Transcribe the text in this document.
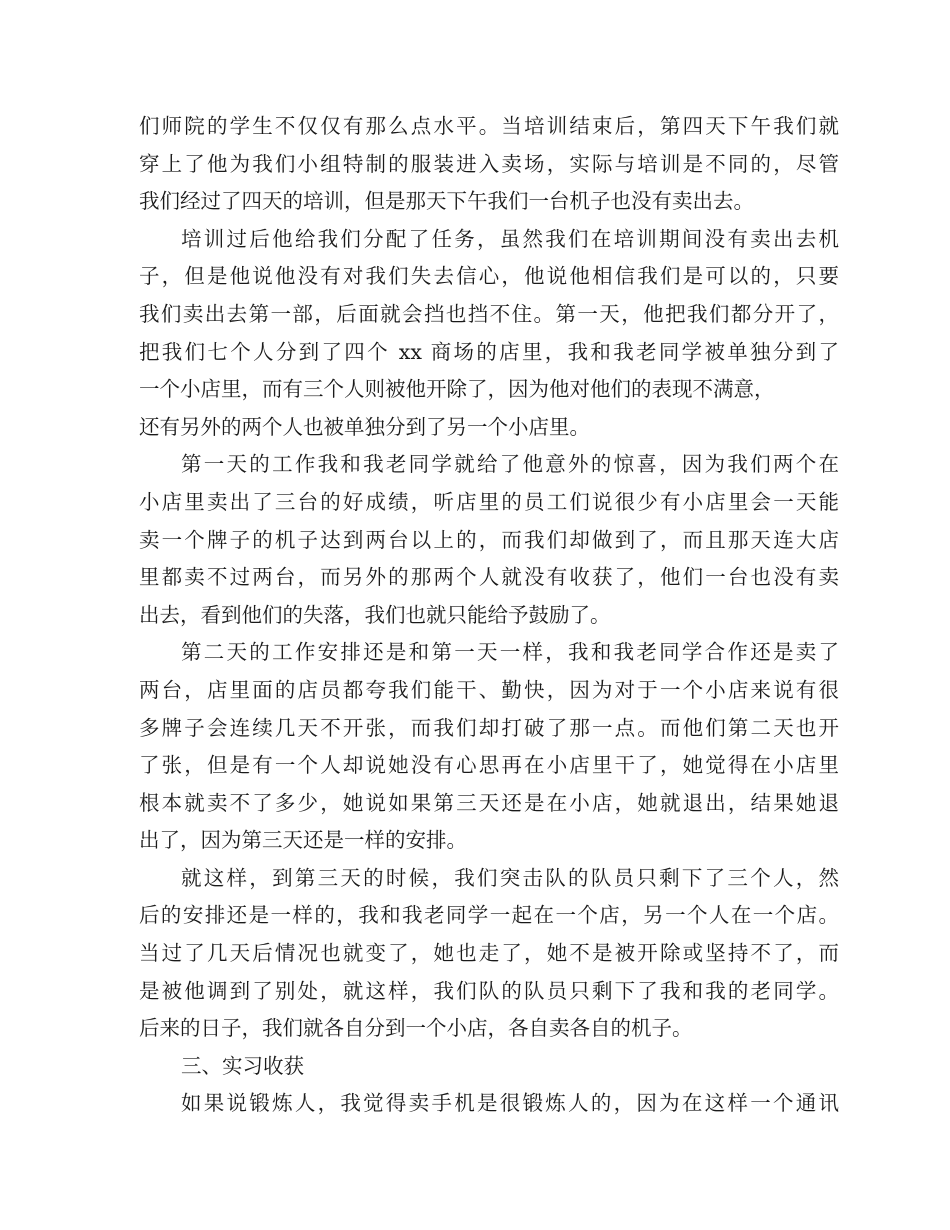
们师院的学生不仅仅有那么点水平。当培训结束后，第四天下午我们就
穿上了他为我们小组特制的服装进入卖场，实际与培训是不同的，尽管
我们经过了四天的培训，但是那天下午我们一台机子也没有卖出去。
培训过后他给我们分配了任务，虽然我们在培训期间没有卖出去机
子，但是他说他没有对我们失去信心，他说他相信我们是可以的，只要
我们卖出去第一部，后面就会挡也挡不住。第一天，他把我们都分开了，
把我们七个人分到了四个 xx 商场的店里，我和我老同学被单独分到了
一个小店里，而有三个人则被他开除了，因为他对他们的表现不满意，
还有另外的两个人也被单独分到了另一个小店里。
第一天的工作我和我老同学就给了他意外的惊喜，因为我们两个在
小店里卖出了三台的好成绩，听店里的员工们说很少有小店里会一天能
卖一个牌子的机子达到两台以上的，而我们却做到了，而且那天连大店
里都卖不过两台，而另外的那两个人就没有收获了，他们一台也没有卖
出去，看到他们的失落，我们也就只能给予鼓励了。
第二天的工作安排还是和第一天一样，我和我老同学合作还是卖了
两台，店里面的店员都夸我们能干、勤快，因为对于一个小店来说有很
多牌子会连续几天不开张，而我们却打破了那一点。而他们第二天也开
了张，但是有一个人却说她没有心思再在小店里干了，她觉得在小店里
根本就卖不了多少，她说如果第三天还是在小店，她就退出，结果她退
出了，因为第三天还是一样的安排。
就这样，到第三天的时候，我们突击队的队员只剩下了三个人，然
后的安排还是一样的，我和我老同学一起在一个店，另一个人在一个店。
当过了几天后情况也就变了，她也走了，她不是被开除或坚持不了，而
是被他调到了别处，就这样，我们队的队员只剩下了我和我的老同学。
后来的日子，我们就各自分到一个小店，各自卖各自的机子。
三、实习收获
如果说锻炼人，我觉得卖手机是很锻炼人的，因为在这样一个通讯
